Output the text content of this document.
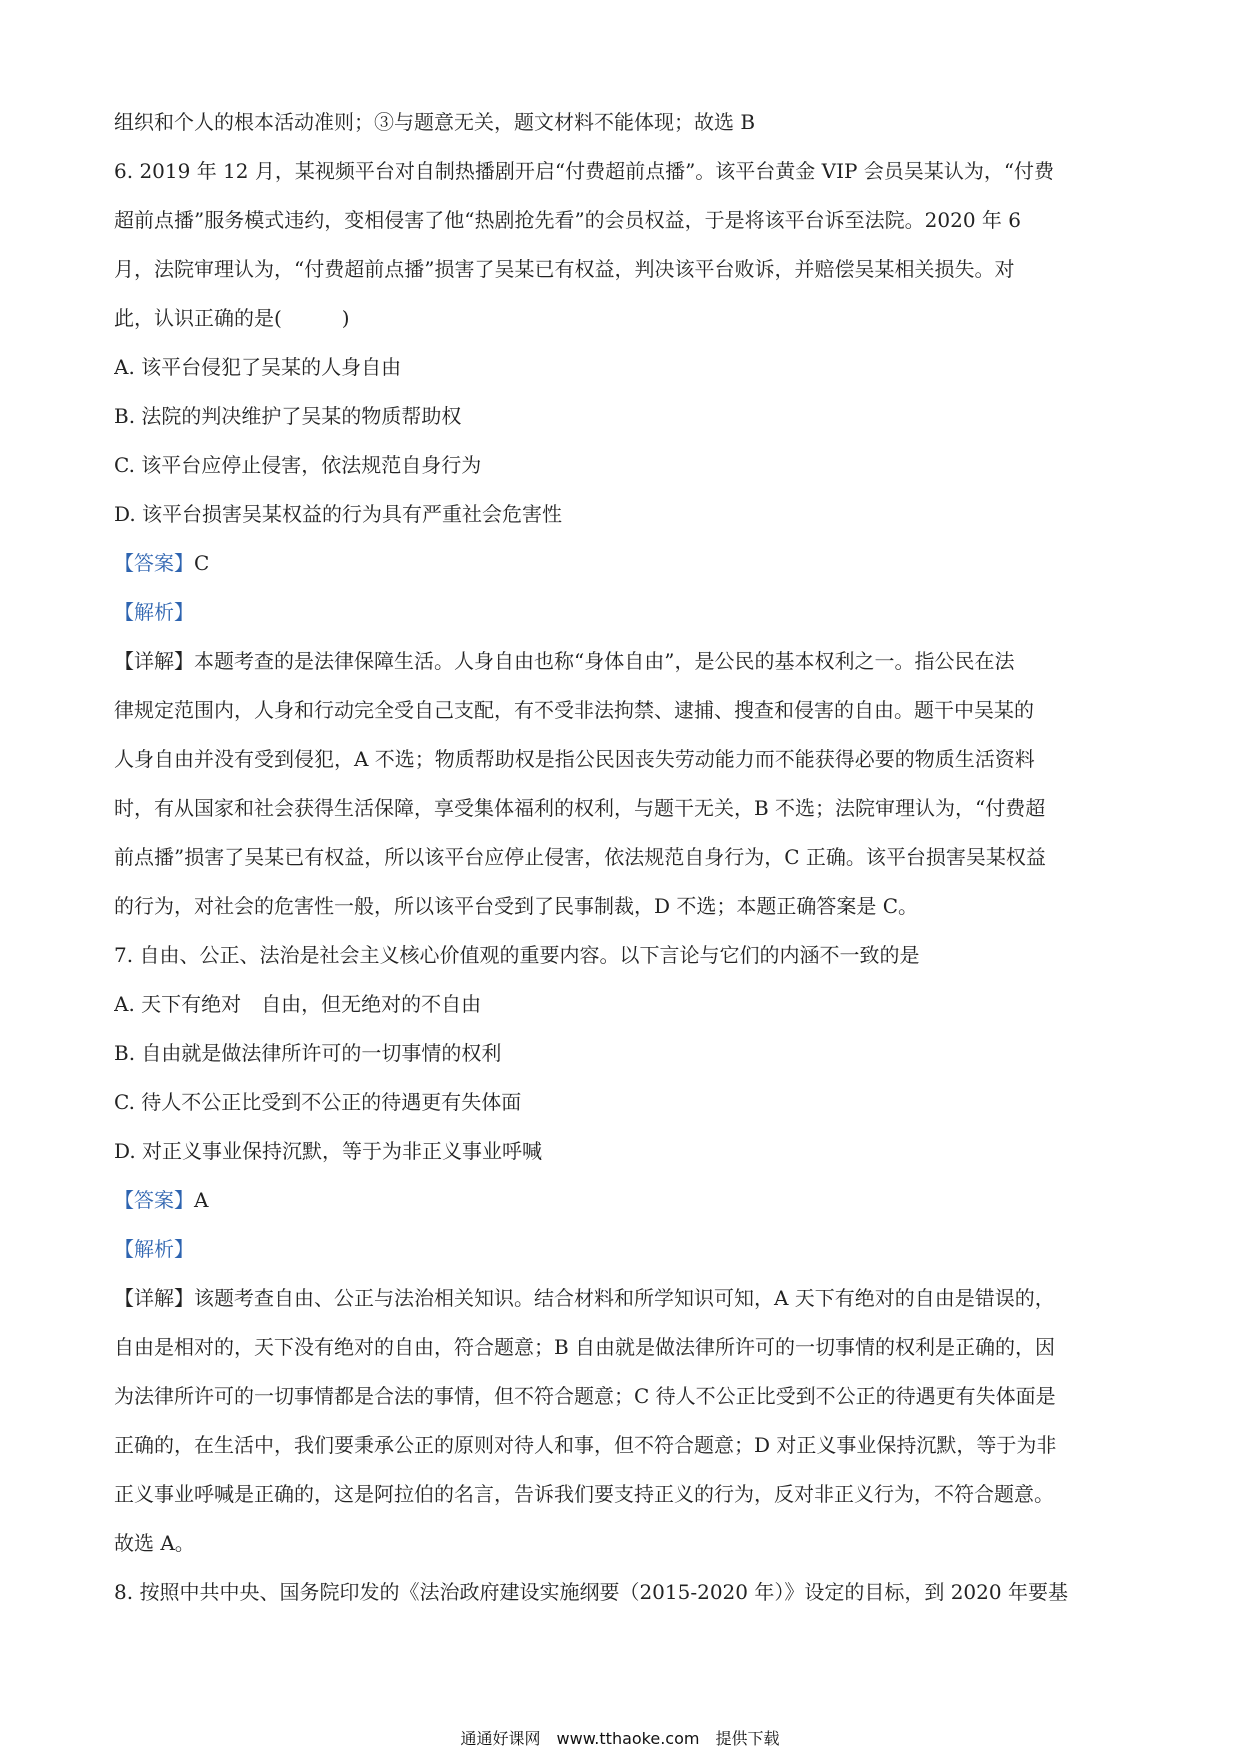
组织和个人的根本活动准则；③与题意无关，题文材料不能体现；故选 B

6. 2019 年 12 月，某视频平台对自制热播剧开启“付费超前点播”。该平台黄金 VIP 会员吴某认为，“付费

超前点播”服务模式违约，变相侵害了他“热剧抢先看”的会员权益，于是将该平台诉至法院。2020 年 6

月，法院审理认为，“付费超前点播”损害了吴某已有权益，判决该平台败诉，并赔偿吴某相关损失。对

此，认识正确的是(　　　)

A. 该平台侵犯了吴某的人身自由

B. 法院的判决维护了吴某的物质帮助权

C. 该平台应停止侵害，依法规范自身行为

D. 该平台损害吴某权益的行为具有严重社会危害性

【答案】C

【解析】

【详解】本题考查的是法律保障生活。人身自由也称“身体自由”，是公民的基本权利之一。指公民在法

律规定范围内，人身和行动完全受自己支配，有不受非法拘禁、逮捕、搜查和侵害的自由。题干中吴某的

人身自由并没有受到侵犯，A 不选；物质帮助权是指公民因丧失劳动能力而不能获得必要的物质生活资料

时，有从国家和社会获得生活保障，享受集体福利的权利，与题干无关，B 不选；法院审理认为，“付费超

前点播”损害了吴某已有权益，所以该平台应停止侵害，依法规范自身行为，C 正确。该平台损害吴某权益

的行为，对社会的危害性一般，所以该平台受到了民事制裁，D 不选；本题正确答案是 C。

7. 自由、公正、法治是社会主义核心价值观的重要内容。以下言论与它们的内涵不一致的是

A. 天下有绝对　自由，但无绝对的不自由

B. 自由就是做法律所许可的一切事情的权利

C. 待人不公正比受到不公正的待遇更有失体面

D. 对正义事业保持沉默，等于为非正义事业呼喊

【答案】A

【解析】

【详解】该题考查自由、公正与法治相关知识。结合材料和所学知识可知，A 天下有绝对的自由是错误的，

自由是相对的，天下没有绝对的自由，符合题意；B 自由就是做法律所许可的一切事情的权利是正确的，因

为法律所许可的一切事情都是合法的事情，但不符合题意；C 待人不公正比受到不公正的待遇更有失体面是

正确的，在生活中，我们要秉承公正的原则对待人和事，但不符合题意；D 对正义事业保持沉默，等于为非

正义事业呼喊是正确的，这是阿拉伯的名言，告诉我们要支持正义的行为，反对非正义行为，不符合题意。

故选 A。

8. 按照中共中央、国务院印发的《法治政府建设实施纲要（2015-2020 年）》设定的目标，到 2020 年要基

通通好课网　www.tthaoke.com　提供下载
